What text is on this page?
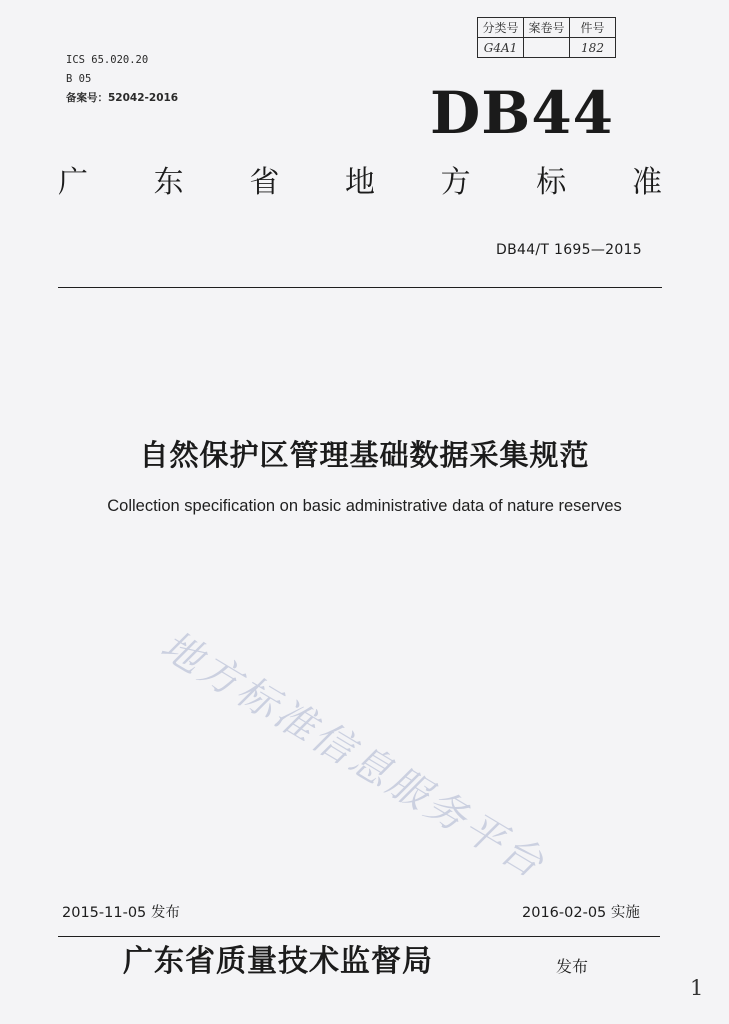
ICS 65.020.20
B 05
备案号：52042-2016
分类号	案卷号	件号
G4A1		182
DB44
广 东 省 地 方 标 准
DB44/T 1695—2015
自然保护区管理基础数据采集规范
Collection specification on basic administrative data of nature reserves
地方标准信息服务平台
2015-11-05 发布	2016-02-05 实施
广东省质量技术监督局	发布
1
